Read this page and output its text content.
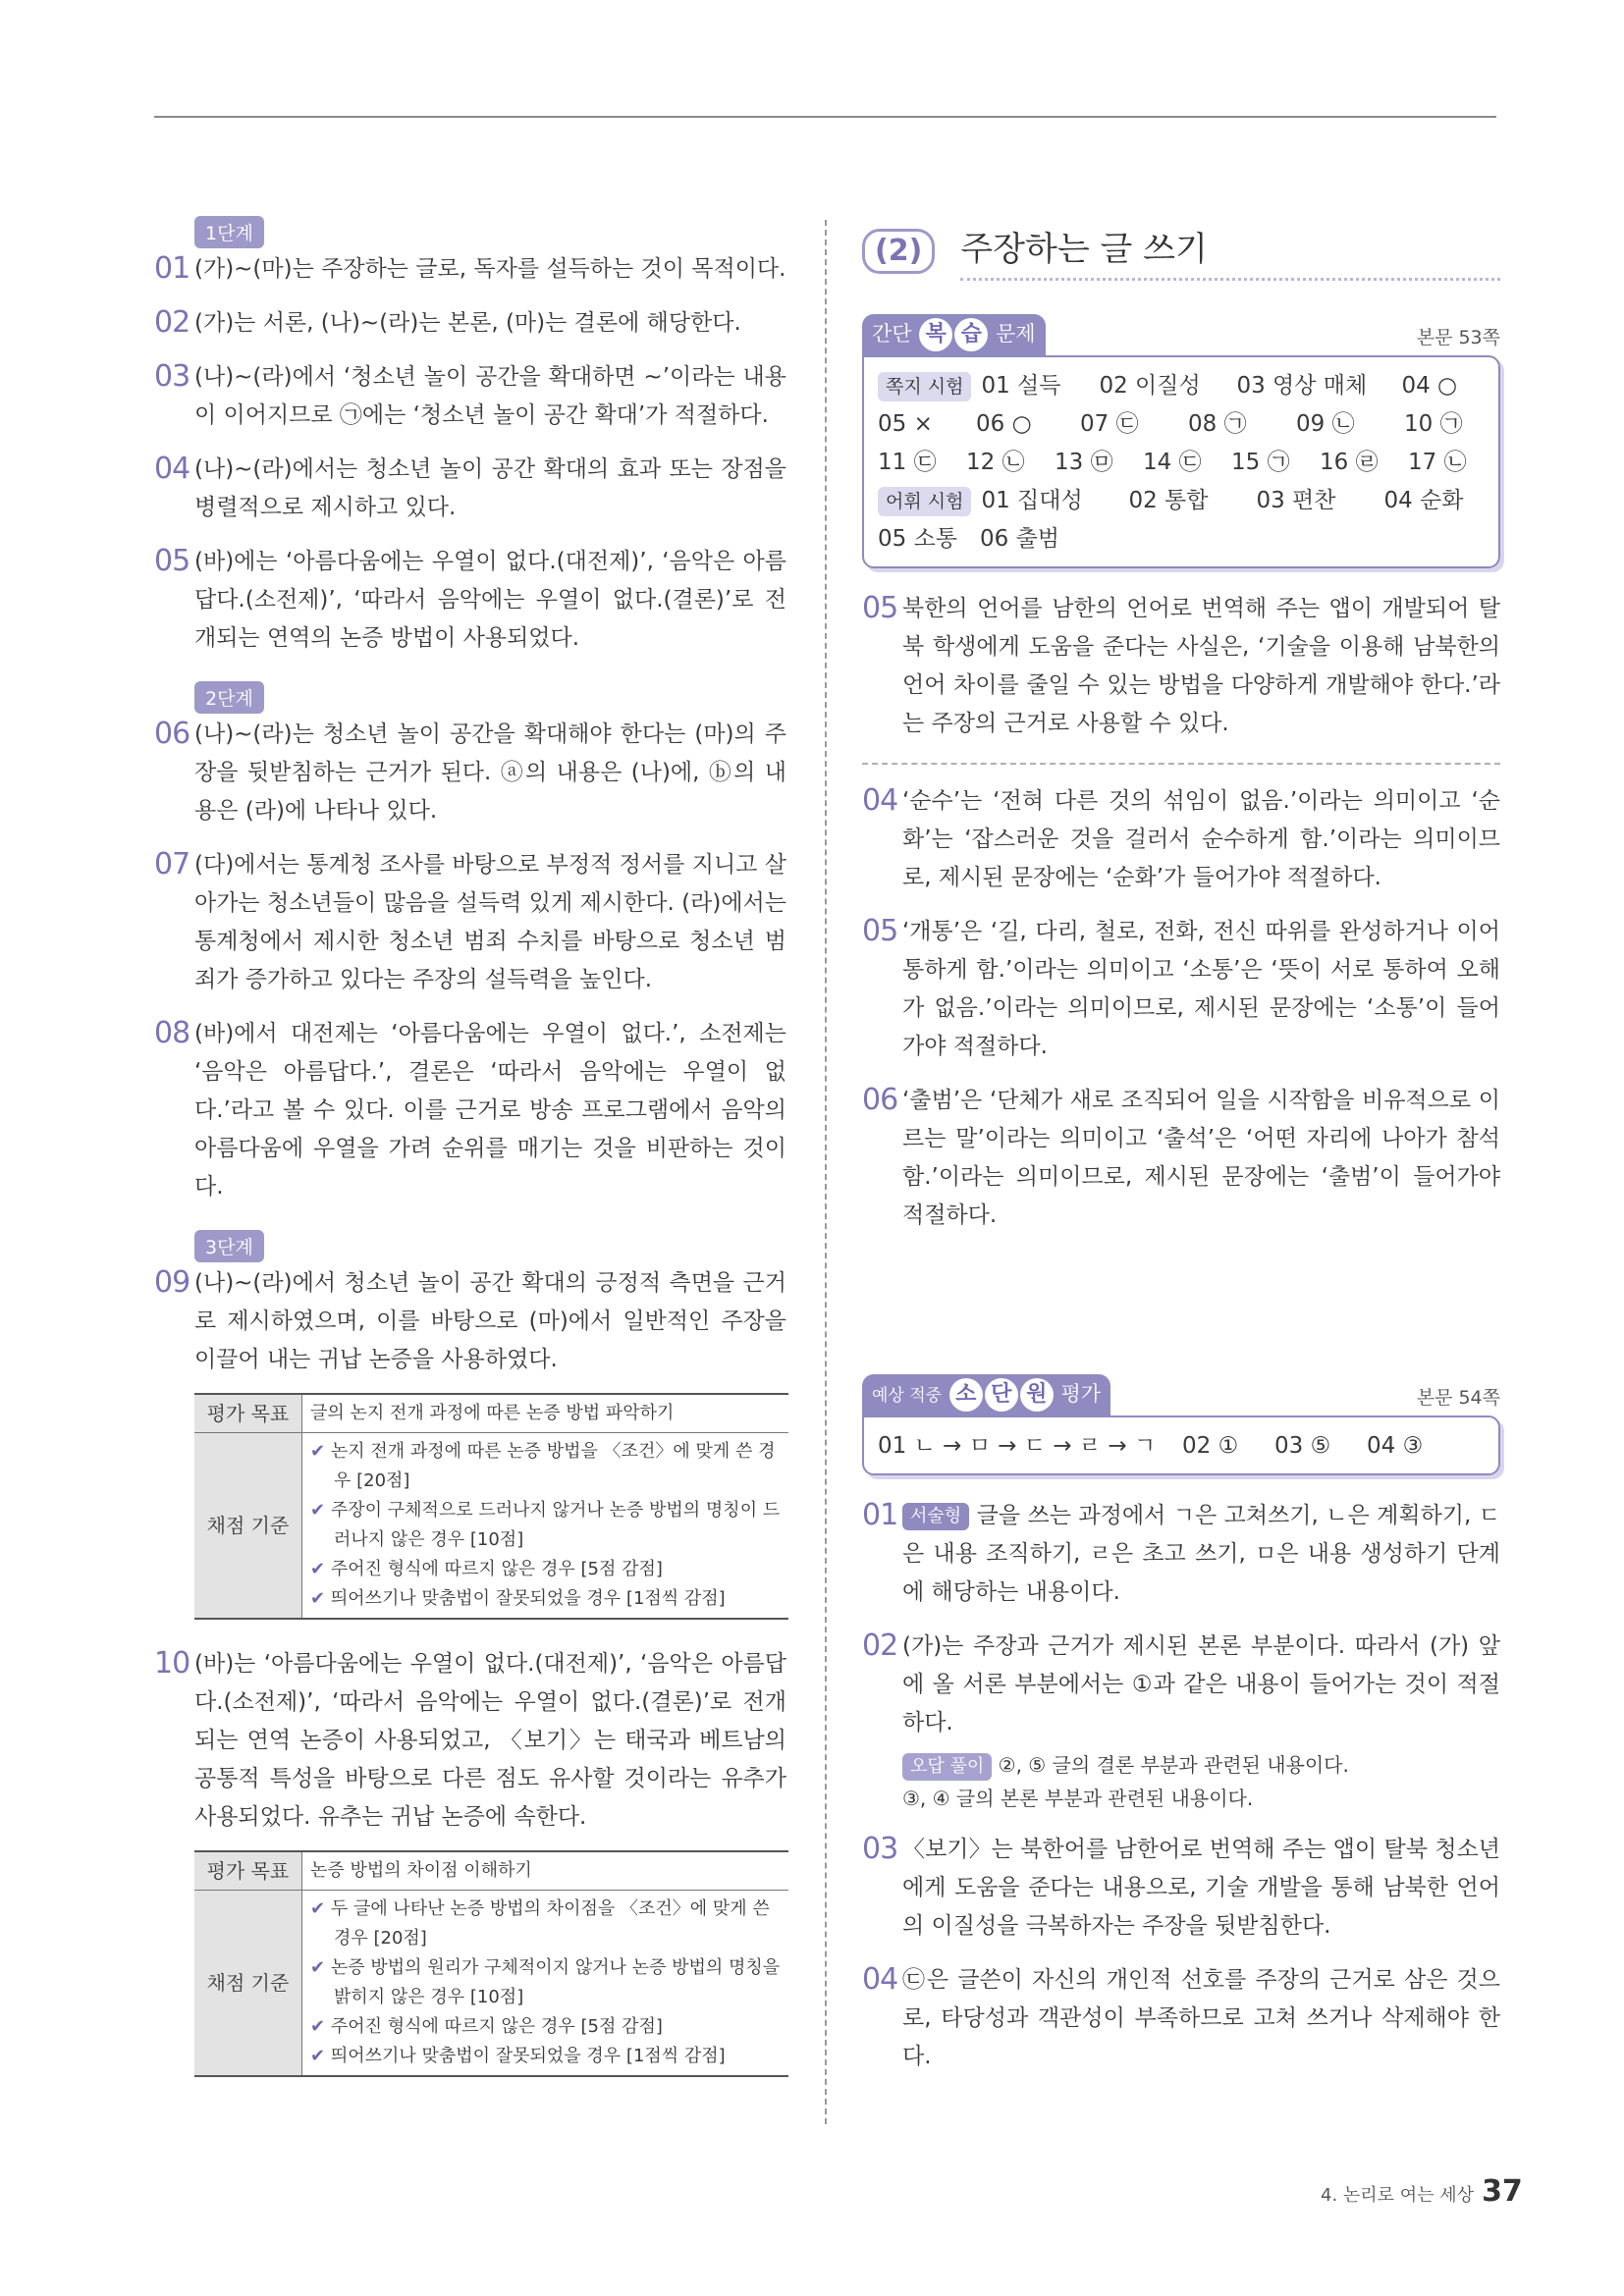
1단계
01 (가)~(마)는 주장하는 글로, 독자를 설득하는 것이 목적이다.
02 (가)는 서론, (나)~(라)는 본론, (마)는 결론에 해당한다.
03 (나)~(라)에서 ‘청소년 놀이 공간을 확대하면 ~’이라는 내용이 이어지므로 ㉠에는 ‘청소년 놀이 공간 확대’가 적절하다.
04 (나)~(라)에서는 청소년 놀이 공간 확대의 효과 또는 장점을 병렬적으로 제시하고 있다.
05 (바)에는 ‘아름다움에는 우열이 없다.(대전제)’, ‘음악은 아름답다.(소전제)’, ‘따라서 음악에는 우열이 없다.(결론)’로 전개되는 연역의 논증 방법이 사용되었다.
2단계
06 (나)~(라)는 청소년 놀이 공간을 확대해야 한다는 (마)의 주장을 뒷받침하는 근거가 된다. ⓐ의 내용은 (나)에, ⓑ의 내용은 (라)에 나타나 있다.
07 (다)에서는 통계청 조사를 바탕으로 부정적 정서를 지니고 살아가는 청소년들이 많음을 설득력 있게 제시한다. (라)에서는 통계청에서 제시한 청소년 범죄 수치를 바탕으로 청소년 범죄가 증가하고 있다는 주장의 설득력을 높인다.
08 (바)에서 대전제는 ‘아름다움에는 우열이 없다.’, 소전제는 ‘음악은 아름답다.’, 결론은 ‘따라서 음악에는 우열이 없다.’라고 볼 수 있다. 이를 근거로 방송 프로그램에서 음악의 아름다움에 우열을 가려 순위를 매기는 것을 비판하는 것이다.
3단계
09 (나)~(라)에서 청소년 놀이 공간 확대의 긍정적 측면을 근거로 제시하였으며, 이를 바탕으로 (마)에서 일반적인 주장을 이끌어 내는 귀납 논증을 사용하였다.
평가 목표	글의 논지 전개 과정에 따른 논증 방법 파악하기
채점 기준	✔ 논지 전개 과정에 따른 논증 방법을 〈조건〉에 맞게 쓴 경우 [20점]
✔ 주장이 구체적으로 드러나지 않거나 논증 방법의 명칭이 드러나지 않은 경우 [10점]
✔ 주어진 형식에 따르지 않은 경우 [5점 감점]
✔ 띄어쓰기나 맞춤법이 잘못되었을 경우 [1점씩 감점]
10 (바)는 ‘아름다움에는 우열이 없다.(대전제)’, ‘음악은 아름답다.(소전제)’, ‘따라서 음악에는 우열이 없다.(결론)’로 전개되는 연역 논증이 사용되었고, 〈보기〉는 태국과 베트남의 공통적 특성을 바탕으로 다른 점도 유사할 것이라는 유추가 사용되었다. 유추는 귀납 논증에 속한다.
평가 목표	논증 방법의 차이점 이해하기
채점 기준	✔ 두 글에 나타난 논증 방법의 차이점을 〈조건〉에 맞게 쓴 경우 [20점]
✔ 논증 방법의 원리가 구체적이지 않거나 논증 방법의 명칭을 밝히지 않은 경우 [10점]
✔ 주어진 형식에 따르지 않은 경우 [5점 감점]
✔ 띄어쓰기나 맞춤법이 잘못되었을 경우 [1점씩 감점]
(2)	주장하는 글 쓰기
간단 복 습 문제	본문 53쪽
쪽지 시험 01 설득	02 이질성	03 영상 매체	04 ○
05 ×	06 ○	07 ㉢	08 ㉠	09 ㉡	10 ㉠
11 ㉢	12 ㉡	13 ㉤	14 ㉢	15 ㉠	16 ㉣	17 ㉡
어휘 시험 01 집대성	02 통합	03 편찬	04 순화
05 소통 06 출범
05 북한의 언어를 남한의 언어로 번역해 주는 앱이 개발되어 탈북 학생에게 도움을 준다는 사실은, ‘기술을 이용해 남북한의 언어 차이를 줄일 수 있는 방법을 다양하게 개발해야 한다.’라는 주장의 근거로 사용할 수 있다.
04 ‘순수’는 ‘전혀 다른 것의 섞임이 없음.’이라는 의미이고 ‘순화’는 ‘잡스러운 것을 걸러서 순수하게 함.’이라는 의미이므로, 제시된 문장에는 ‘순화’가 들어가야 적절하다.
05 ‘개통’은 ‘길, 다리, 철로, 전화, 전신 따위를 완성하거나 이어 통하게 함.’이라는 의미이고 ‘소통’은 ‘뜻이 서로 통하여 오해가 없음.’이라는 의미이므로, 제시된 문장에는 ‘소통’이 들어가야 적절하다.
06 ‘출범’은 ‘단체가 새로 조직되어 일을 시작함을 비유적으로 이르는 말’이라는 의미이고 ‘출석’은 ‘어떤 자리에 나아가 참석함.’이라는 의미이므로, 제시된 문장에는 ‘출범’이 들어가야 적절하다.
예상 적중 소 단 원 평가	본문 54쪽
01 ㄴ → ㅁ → ㄷ → ㄹ → ㄱ	02 ①	03 ⑤	04 ③
01 서술형 글을 쓰는 과정에서 ㄱ은 고쳐쓰기, ㄴ은 계획하기, ㄷ은 내용 조직하기, ㄹ은 초고 쓰기, ㅁ은 내용 생성하기 단계에 해당하는 내용이다.
02 (가)는 주장과 근거가 제시된 본론 부분이다. 따라서 (가) 앞에 올 서론 부분에서는 ①과 같은 내용이 들어가는 것이 적절하다.
오답 풀이 ②, ⑤ 글의 결론 부분과 관련된 내용이다.
③, ④ 글의 본론 부분과 관련된 내용이다.
03 〈보기〉는 북한어를 남한어로 번역해 주는 앱이 탈북 청소년에게 도움을 준다는 내용으로, 기술 개발을 통해 남북한 언어의 이질성을 극복하자는 주장을 뒷받침한다.
04 ㉢은 글쓴이 자신의 개인적 선호를 주장의 근거로 삼은 것으로, 타당성과 객관성이 부족하므로 고쳐 쓰거나 삭제해야 한다.
4. 논리로 여는 세상 37
